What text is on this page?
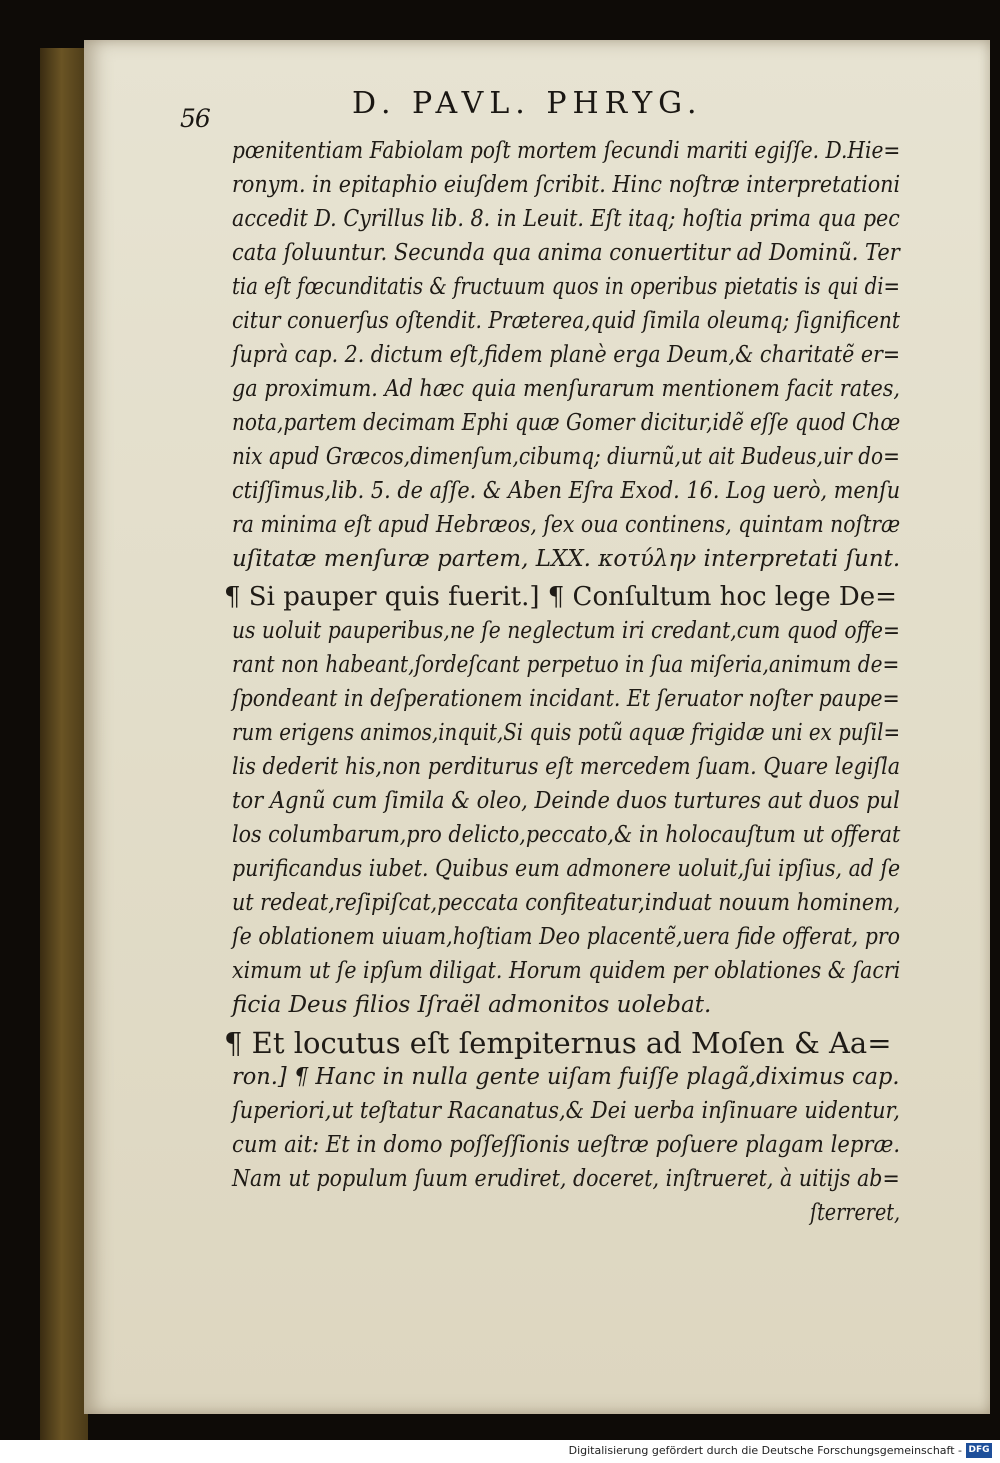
56	D. PAVL. PHRYG.
pœnitentiam Fabiolam poſt mortem ſecundi mariti egiſſe. D.Hie=
ronym. in epitaphio eiuſdem ſcribit. Hinc noſtræ interpretationi
accedit D. Cyrillus lib. 8. in Leuit. Eſt itaq; hoſtia prima qua pec
cata ſoluuntur. Secunda qua anima conuertitur ad Dominũ. Ter
tia eſt fœcunditatis & fructuum quos in operibus pietatis is qui di=
citur conuerſus oſtendit. Præterea,quid ſimila oleumq; ſignificent
ſuprà cap. 2. dictum eſt,fidem planè erga Deum,& charitatẽ er=
ga proximum. Ad hæc quia menſurarum mentionem facit rates,
nota,partem decimam Ephi quæ Gomer dicitur,idẽ eſſe quod Chœ
nix apud Græcos,dimenſum,cibumq; diurnũ,ut ait Budeus,uir do=
ctiſſimus,lib. 5. de aſſe. & Aben Eſra Exod. 16. Log uerò, menſu
ra minima eſt apud Hebræos, ſex oua continens, quintam noſtræ
uſitatæ menſuræ partem, LXX. κοτύλην interpretati ſunt.
¶ Si pauper quis fuerit.] ¶ Conſultum hoc lege De=
us uoluit pauperibus,ne ſe neglectum iri credant,cum quod offe=
rant non habeant,ſordeſcant perpetuo in ſua miſeria,animum de=
ſpondeant in deſperationem incidant. Et ſeruator noſter paupe=
rum erigens animos,inquit,Si quis potũ aquæ frigidæ uni ex puſil=
lis dederit his,non perditurus eſt mercedem ſuam. Quare legiſla
tor Agnũ cum ſimila & oleo, Deinde duos turtures aut duos pul
los columbarum,pro delicto,peccato,& in holocauſtum ut offerat
purificandus iubet. Quibus eum admonere uoluit,ſui ipſius, ad ſe
ut redeat,reſipiſcat,peccata confiteatur,induat nouum hominem,
ſe oblationem uiuam,hoſtiam Deo placentẽ,uera fide offerat, pro
ximum ut ſe ipſum diligat. Horum quidem per oblationes & ſacri
ficia Deus filios Iſraël admonitos uolebat.
¶ Et locutus eſt ſempiternus ad Moſen & Aa=
ron.] ¶ Hanc in nulla gente uiſam fuiſſe plagã,diximus cap.
ſuperiori,ut teſtatur Racanatus,& Dei uerba inſinuare uidentur,
cum ait: Et in domo poſſeſſionis ueſtræ poſuere plagam lepræ.
Nam ut populum ſuum erudiret, doceret, inſtrueret, à uitijs ab=
ſterreret,
Digitalisierung gefördert durch die Deutsche Forschungsgemeinschaft - DFG
